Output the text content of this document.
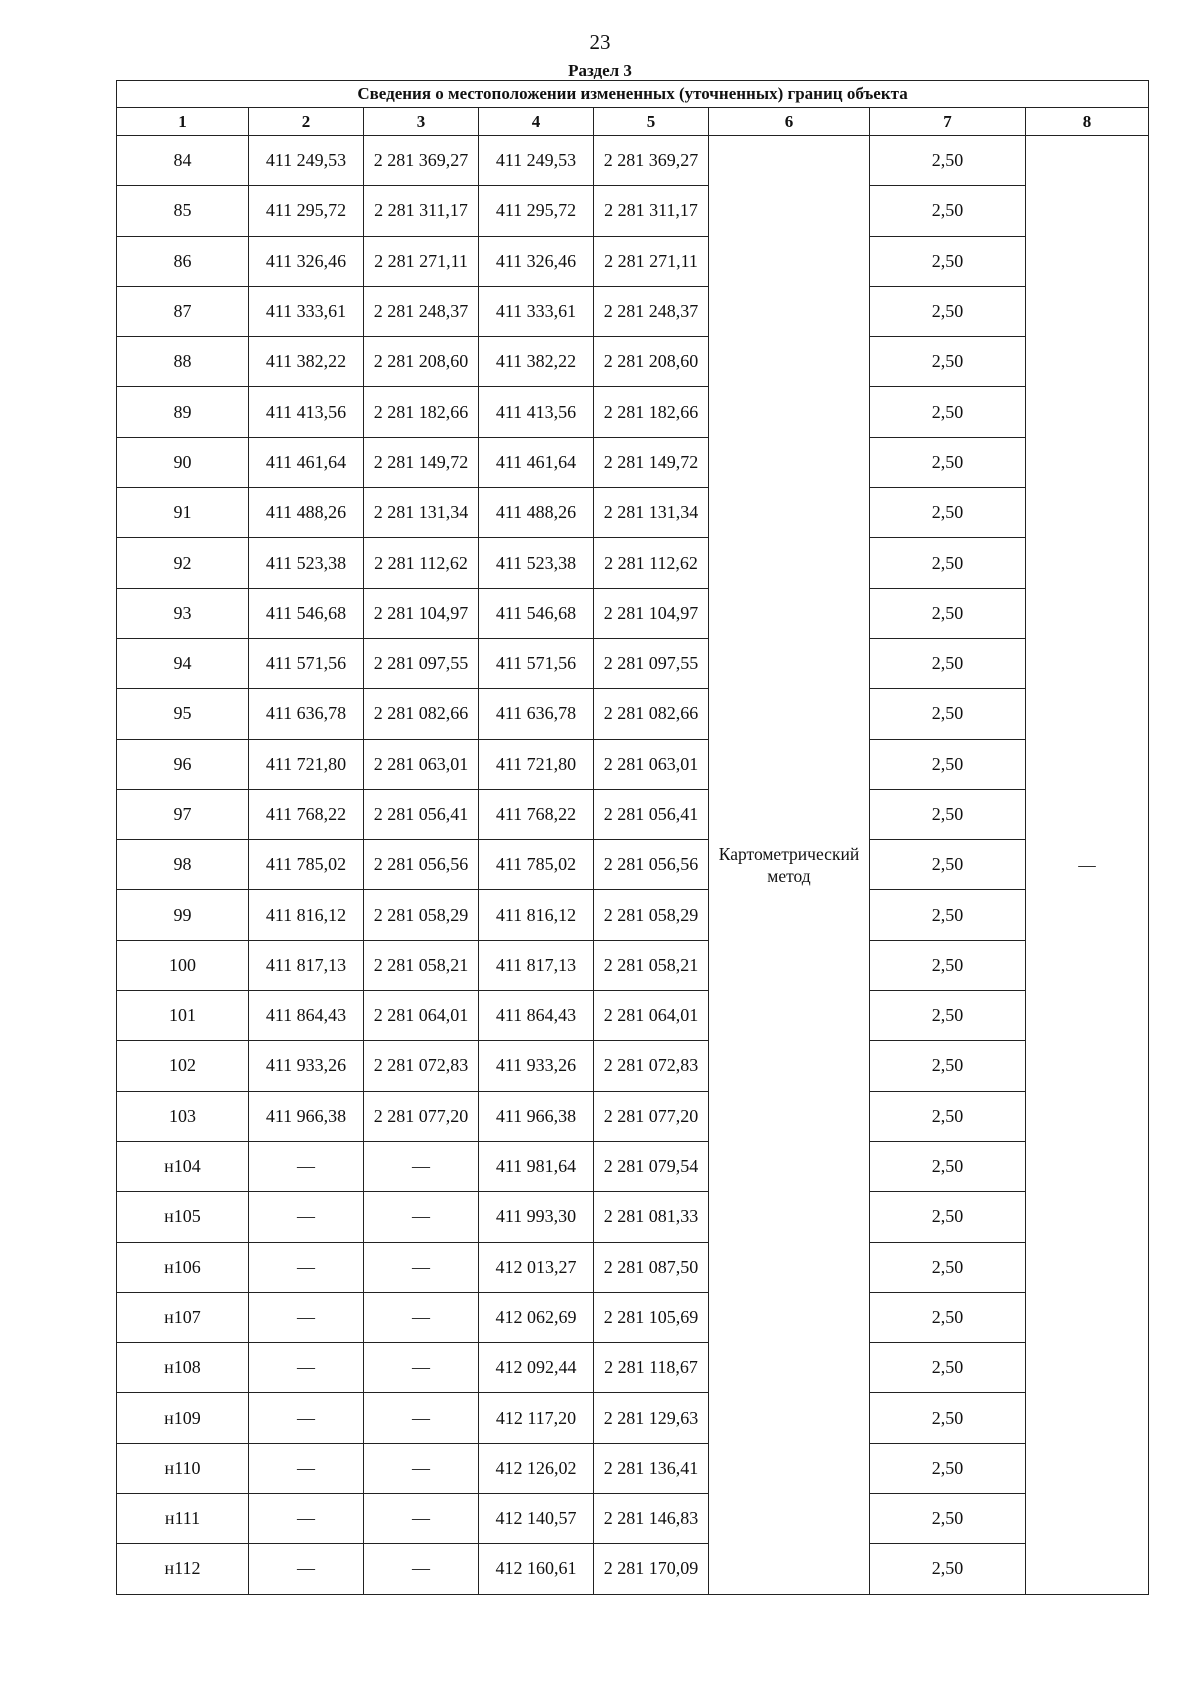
23
Раздел 3
Сведения о местоположении измененных (уточненных) границ объекта							
1	2	3	4	5	6	7	8
84	411 249,53	2 281 369,27	411 249,53	2 281 369,27	Картометрический метод	2,50	—
85	411 295,72	2 281 311,17	411 295,72	2 281 311,17		2,50	
86	411 326,46	2 281 271,11	411 326,46	2 281 271,11		2,50	
87	411 333,61	2 281 248,37	411 333,61	2 281 248,37		2,50	
88	411 382,22	2 281 208,60	411 382,22	2 281 208,60		2,50	
89	411 413,56	2 281 182,66	411 413,56	2 281 182,66		2,50	
90	411 461,64	2 281 149,72	411 461,64	2 281 149,72		2,50	
91	411 488,26	2 281 131,34	411 488,26	2 281 131,34		2,50	
92	411 523,38	2 281 112,62	411 523,38	2 281 112,62		2,50	
93	411 546,68	2 281 104,97	411 546,68	2 281 104,97		2,50	
94	411 571,56	2 281 097,55	411 571,56	2 281 097,55		2,50	
95	411 636,78	2 281 082,66	411 636,78	2 281 082,66		2,50	
96	411 721,80	2 281 063,01	411 721,80	2 281 063,01		2,50	
97	411 768,22	2 281 056,41	411 768,22	2 281 056,41		2,50	
98	411 785,02	2 281 056,56	411 785,02	2 281 056,56		2,50	
99	411 816,12	2 281 058,29	411 816,12	2 281 058,29		2,50	
100	411 817,13	2 281 058,21	411 817,13	2 281 058,21		2,50	
101	411 864,43	2 281 064,01	411 864,43	2 281 064,01		2,50	
102	411 933,26	2 281 072,83	411 933,26	2 281 072,83		2,50	
103	411 966,38	2 281 077,20	411 966,38	2 281 077,20		2,50	
н104	—	—	411 981,64	2 281 079,54		2,50	
н105	—	—	411 993,30	2 281 081,33		2,50	
н106	—	—	412 013,27	2 281 087,50		2,50	
н107	—	—	412 062,69	2 281 105,69		2,50	
н108	—	—	412 092,44	2 281 118,67		2,50	
н109	—	—	412 117,20	2 281 129,63		2,50	
н110	—	—	412 126,02	2 281 136,41		2,50	
н111	—	—	412 140,57	2 281 146,83		2,50	
н112	—	—	412 160,61	2 281 170,09		2,50	
